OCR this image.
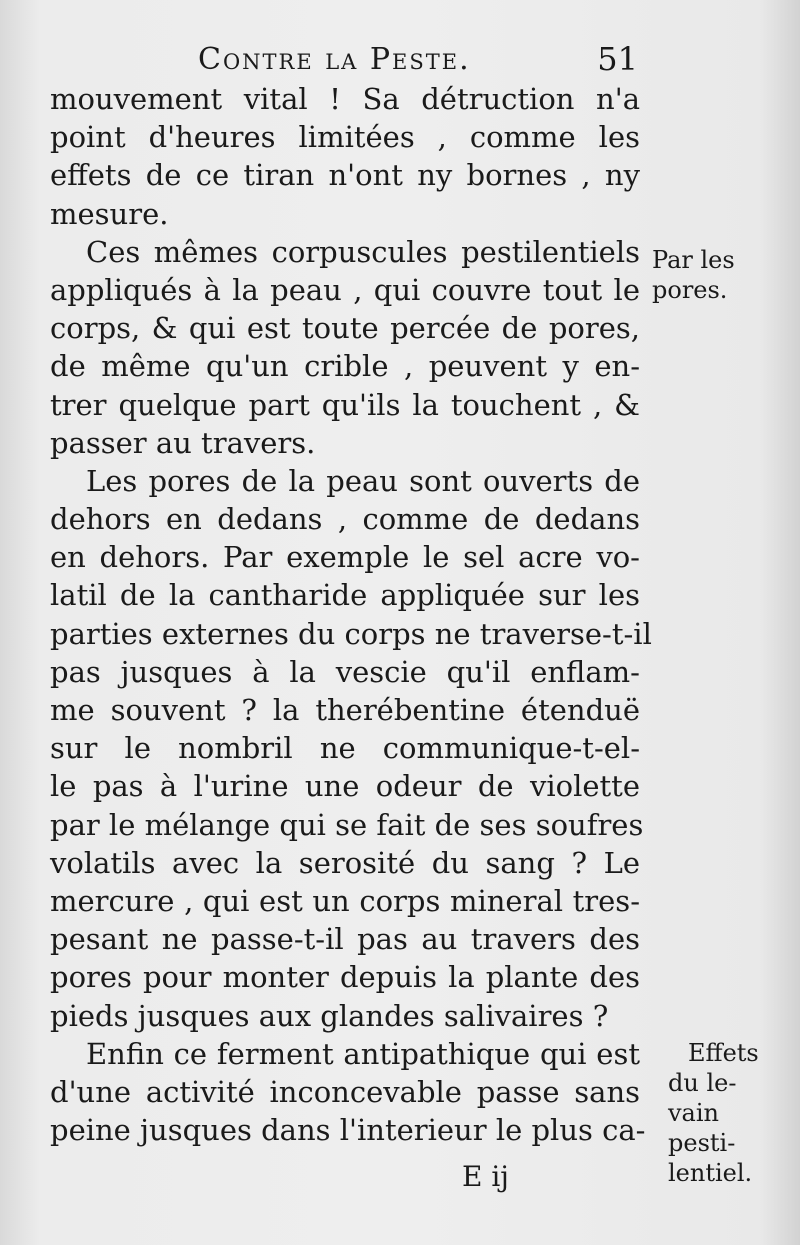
Contre la Peste.	51
mouvement vital ! Sa détruction n'a
point d'heures limitées , comme les
effets de ce tiran n'ont ny bornes , ny
mesure.
Ces mêmes corpuscules pestilentiels
appliqués à la peau , qui couvre tout le
corps, & qui est toute percée de pores,
de même qu'un crible , peuvent y en-
trer quelque part qu'ils la touchent , &
passer au travers.
Les pores de la peau sont ouverts de
dehors en dedans , comme de dedans
en dehors. Par exemple le sel acre vo-
latil de la cantharide appliquée sur les
parties externes du corps ne traverse-t-il
pas jusques à la vescie qu'il enflam-
me souvent ? la therébentine étenduë
sur le nombril ne communique-t-el-
le pas à l'urine une odeur de violette
par le mélange qui se fait de ses soufres
volatils avec la serosité du sang ? Le
mercure , qui est un corps mineral tres-
pesant ne passe-t-il pas au travers des
pores pour monter depuis la plante des
pieds jusques aux glandes salivaires ?
Enfin ce ferment antipathique qui est
d'une activité inconcevable passe sans
peine jusques dans l'interieur le plus ca-
Par les
pores.
Effets
du le-
vain
pesti-
lentiel.
E ij
